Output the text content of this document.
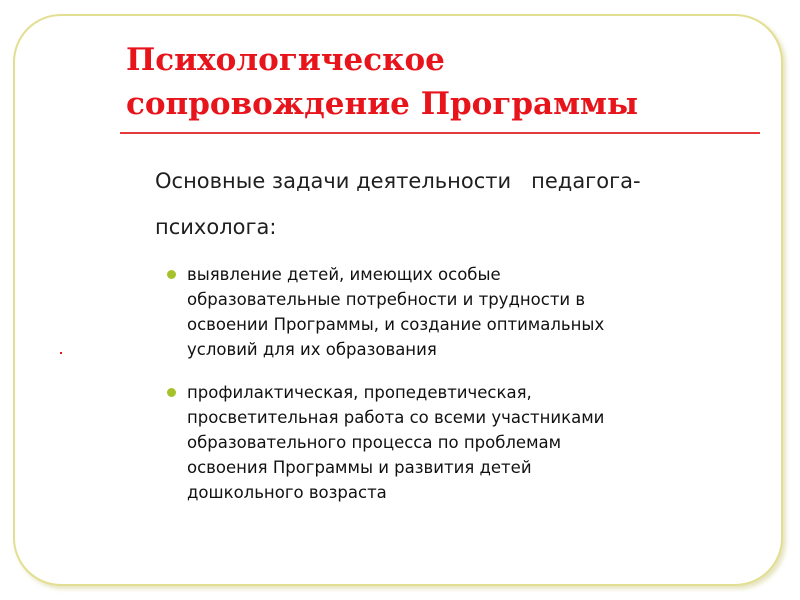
Психологическое
сопровождение Программы

Основные задачи деятельности   педагога-
психолога:

выявление детей, имеющих особые
образовательные потребности и трудности в
освоении Программы, и создание оптимальных
условий для их образования
профилактическая, пропедевтическая,
просветительная работа со всеми участниками
образовательного процесса по проблемам
освоения Программы и развития детей
дошкольного возраста
